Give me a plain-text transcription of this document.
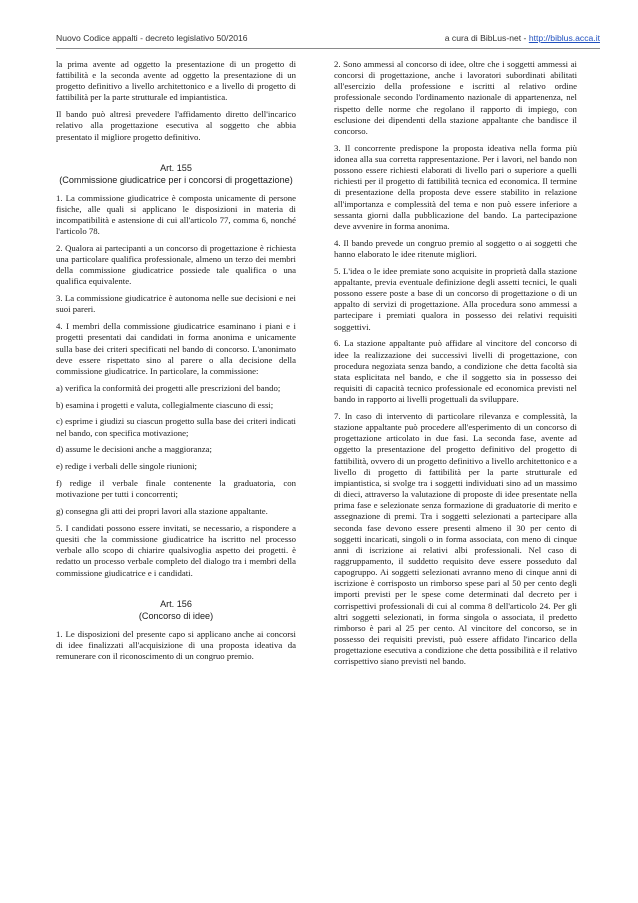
Nuovo Codice appalti - decreto legislativo 50/2016	a cura di BibLus-net - http://biblus.acca.it

la prima avente ad oggetto la presentazione di un progetto di fattibilità e la seconda avente ad oggetto la presentazione di un progetto definitivo a livello architettonico e a livello di progetto di fattibilità per la parte strutturale ed impiantistica.

Il bando può altresì prevedere l'affidamento diretto dell'incarico relativo alla progettazione esecutiva al soggetto che abbia presentato il migliore progetto definitivo.

Art. 155
(Commissione giudicatrice per i concorsi di progettazione)

1. La commissione giudicatrice è composta unicamente di persone fisiche, alle quali si applicano le disposizioni in materia di incompatibilità e astensione di cui all'articolo 77, comma 6, nonché l'articolo 78.

2. Qualora ai partecipanti a un concorso di progettazione è richiesta una particolare qualifica professionale, almeno un terzo dei membri della commissione giudicatrice possiede tale qualifica o una qualifica equivalente.

3. La commissione giudicatrice è autonoma nelle sue decisioni e nei suoi pareri.

4. I membri della commissione giudicatrice esaminano i piani e i progetti presentati dai candidati in forma anonima e unicamente sulla base dei criteri specificati nel bando di concorso. L'anonimato deve essere rispettato sino al parere o alla decisione della commissione giudicatrice. In particolare, la commissione:

a) verifica la conformità dei progetti alle prescrizioni del bando;

b) esamina i progetti e valuta, collegialmente ciascuno di essi;

c) esprime i giudizi su ciascun progetto sulla base dei criteri indicati nel bando, con specifica motivazione;

d) assume le decisioni anche a maggioranza;

e) redige i verbali delle singole riunioni;

f) redige il verbale finale contenente la graduatoria, con motivazione per tutti i concorrenti;

g) consegna gli atti dei propri lavori alla stazione appaltante.

5. I candidati possono essere invitati, se necessario, a rispondere a quesiti che la commissione giudicatrice ha iscritto nel processo verbale allo scopo di chiarire qualsivoglia aspetto dei progetti. è redatto un processo verbale completo del dialogo tra i membri della commissione giudicatrice e i candidati.

Art. 156
(Concorso di idee)

1. Le disposizioni del presente capo si applicano anche ai concorsi di idee finalizzati all'acquisizione di una proposta ideativa da remunerare con il riconoscimento di un congruo premio.

2. Sono ammessi al concorso di idee, oltre che i soggetti ammessi ai concorsi di progettazione, anche i lavoratori subordinati abilitati all'esercizio della professione e iscritti al relativo ordine professionale secondo l'ordinamento nazionale di appartenenza, nel rispetto delle norme che regolano il rapporto di impiego, con esclusione dei dipendenti della stazione appaltante che bandisce il concorso.

3. Il concorrente predispone la proposta ideativa nella forma più idonea alla sua corretta rappresentazione. Per i lavori, nel bando non possono essere richiesti elaborati di livello pari o superiore a quelli richiesti per il progetto di fattibilità tecnica ed economica. Il termine di presentazione della proposta deve essere stabilito in relazione all'importanza e complessità del tema e non può essere inferiore a sessanta giorni dalla pubblicazione del bando. La partecipazione deve avvenire in forma anonima.

4. Il bando prevede un congruo premio al soggetto o ai soggetti che hanno elaborato le idee ritenute migliori.

5. L'idea o le idee premiate sono acquisite in proprietà dalla stazione appaltante, previa eventuale definizione degli assetti tecnici, le quali possono essere poste a base di un concorso di progettazione o di un appalto di servizi di progettazione. Alla procedura sono ammessi a partecipare i premiati qualora in possesso dei relativi requisiti soggettivi.

6. La stazione appaltante può affidare al vincitore del concorso di idee la realizzazione dei successivi livelli di progettazione, con procedura negoziata senza bando, a condizione che detta facoltà sia stata esplicitata nel bando, e che il soggetto sia in possesso dei requisiti di capacità tecnico professionale ed economica previsti nel bando in rapporto ai livelli progettuali da sviluppare.

7. In caso di intervento di particolare rilevanza e complessità, la stazione appaltante può procedere all'esperimento di un concorso di progettazione articolato in due fasi. La seconda fase, avente ad oggetto la presentazione del progetto definitivo del progetto di fattibilità, ovvero di un progetto definitivo a livello architettonico e a livello di progetto di fattibilità per la parte strutturale ed impiantistica, si svolge tra i soggetti individuati sino ad un massimo di dieci, attraverso la valutazione di proposte di idee presentate nella prima fase e selezionate senza formazione di graduatorie di merito e assegnazione di premi. Tra i soggetti selezionati a partecipare alla seconda fase devono essere presenti almeno il 30 per cento di soggetti incaricati, singoli o in forma associata, con meno di cinque anni di iscrizione ai relativi albi professionali. Nel caso di raggruppamento, il suddetto requisito deve essere posseduto dal capogruppo. Ai soggetti selezionati avranno meno di cinque anni di iscrizione è corrisposto un rimborso spese pari al 50 per cento degli importi previsti per le spese come determinati dal decreto per i corrispettivi professionali di cui al comma 8 dell'articolo 24. Per gli altri soggetti selezionati, in forma singola o associata, il predetto rimborso è pari al 25 per cento. Al vincitore del concorso, se in possesso dei requisiti previsti, può essere affidato l'incarico della progettazione esecutiva a condizione che detta possibilità e il relativo corrispettivo siano previsti nel bando.
